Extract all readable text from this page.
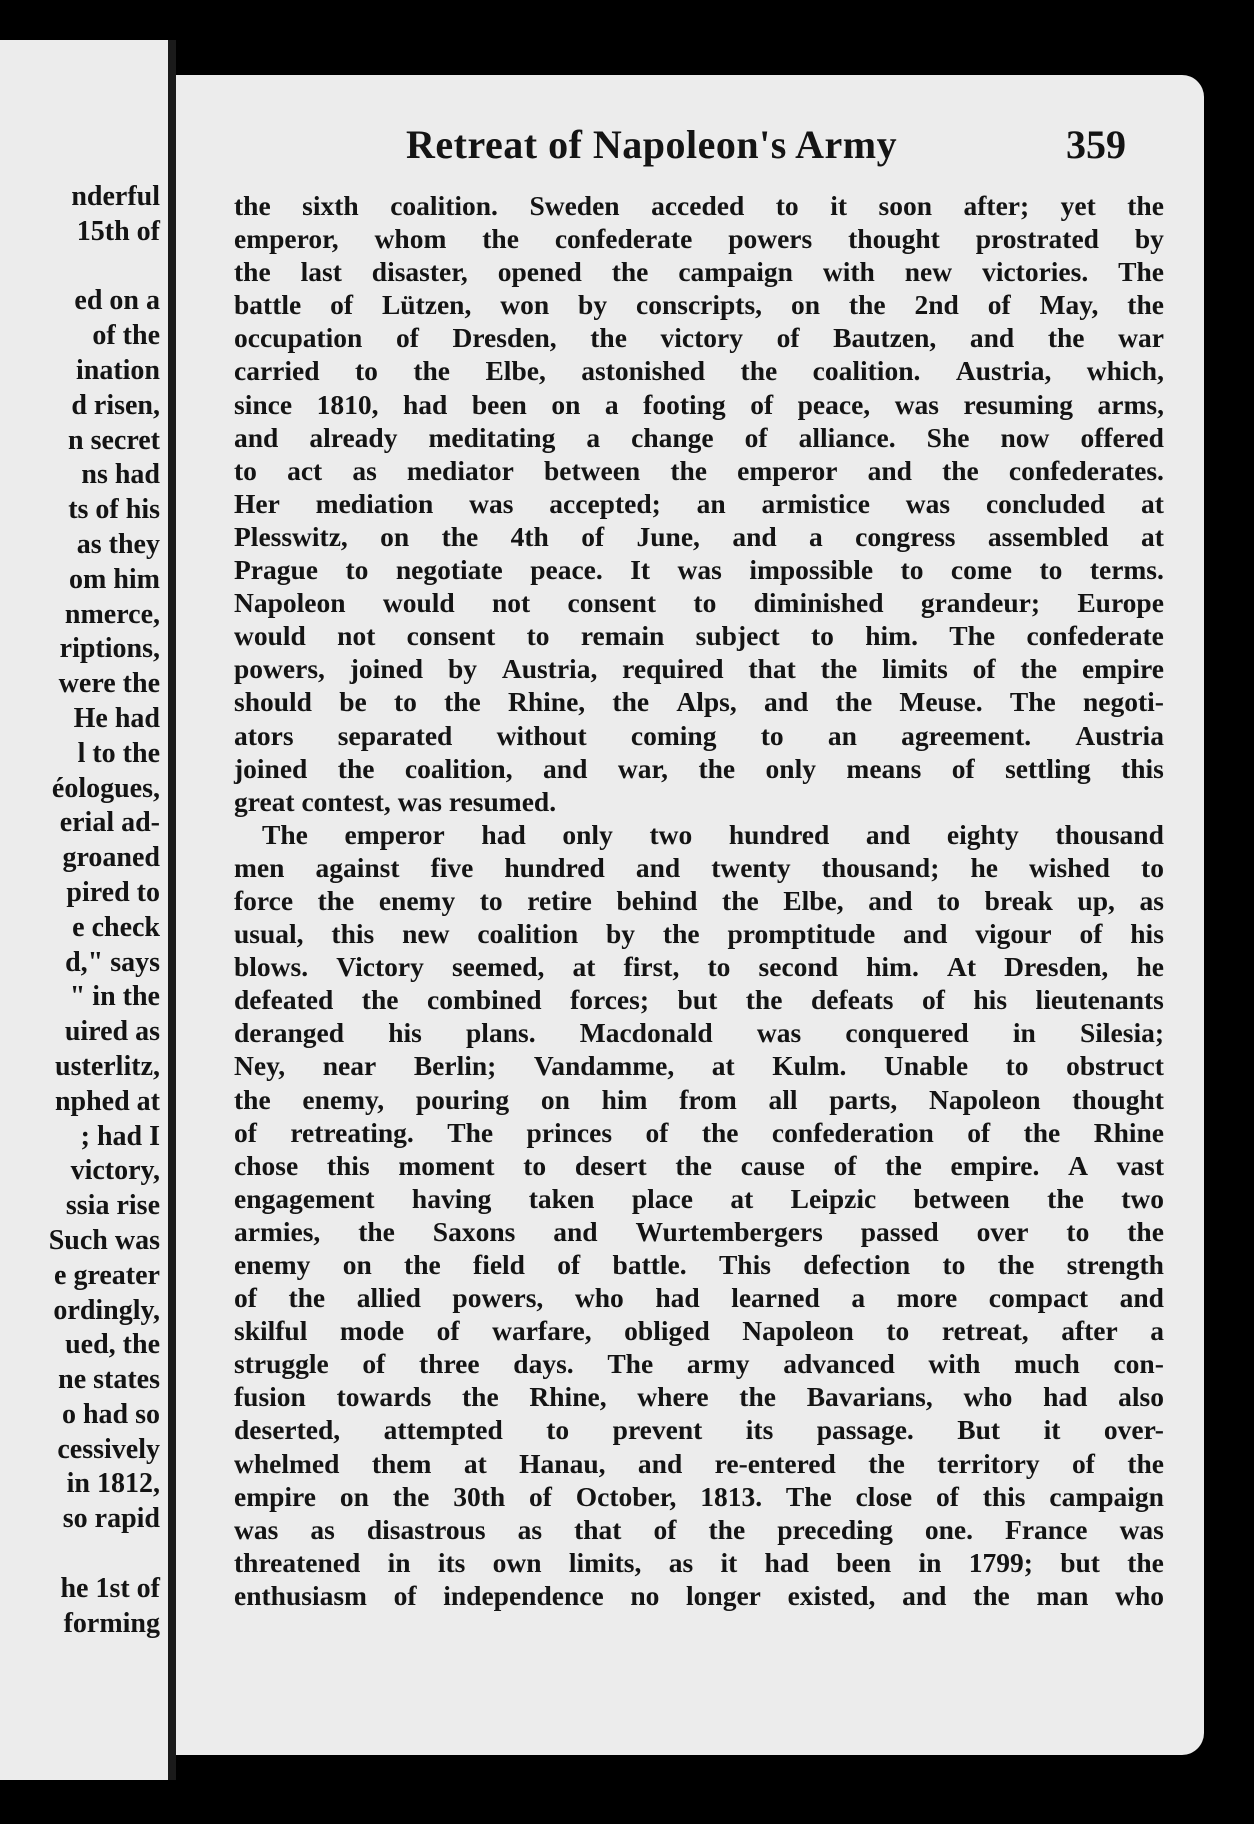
nderful
15th of
ed on a
of the
ination
d risen,
n secret
ns had
ts of his
as they
om him
nmerce,
riptions,
were the
He had
l to the
éologues,
erial ad-
groaned
pired to
e check
d," says
" in the
uired as
usterlitz,
nphed at
; had I
victory,
ssia rise
Such was
e greater
ordingly,
ued, the
ne states
o had so
cessively
in 1812,
so rapid
he 1st of
forming
Retreat of Napoleon's Army	359
the sixth coalition. Sweden acceded to it soon after; yet the
emperor, whom the confederate powers thought prostrated by
the last disaster, opened the campaign with new victories. The
battle of Lützen, won by conscripts, on the 2nd of May, the
occupation of Dresden, the victory of Bautzen, and the war
carried to the Elbe, astonished the coalition. Austria, which,
since 1810, had been on a footing of peace, was resuming arms,
and already meditating a change of alliance. She now offered
to act as mediator between the emperor and the confederates.
Her mediation was accepted; an armistice was concluded at
Plesswitz, on the 4th of June, and a congress assembled at
Prague to negotiate peace. It was impossible to come to terms.
Napoleon would not consent to diminished grandeur; Europe
would not consent to remain subject to him. The confederate
powers, joined by Austria, required that the limits of the empire
should be to the Rhine, the Alps, and the Meuse. The negoti-
ators separated without coming to an agreement. Austria
joined the coalition, and war, the only means of settling this
great contest, was resumed.
The emperor had only two hundred and eighty thousand
men against five hundred and twenty thousand; he wished to
force the enemy to retire behind the Elbe, and to break up, as
usual, this new coalition by the promptitude and vigour of his
blows. Victory seemed, at first, to second him. At Dresden, he
defeated the combined forces; but the defeats of his lieutenants
deranged his plans. Macdonald was conquered in Silesia;
Ney, near Berlin; Vandamme, at Kulm. Unable to obstruct
the enemy, pouring on him from all parts, Napoleon thought
of retreating. The princes of the confederation of the Rhine
chose this moment to desert the cause of the empire. A vast
engagement having taken place at Leipzic between the two
armies, the Saxons and Wurtembergers passed over to the
enemy on the field of battle. This defection to the strength
of the allied powers, who had learned a more compact and
skilful mode of warfare, obliged Napoleon to retreat, after a
struggle of three days. The army advanced with much con-
fusion towards the Rhine, where the Bavarians, who had also
deserted, attempted to prevent its passage. But it over-
whelmed them at Hanau, and re-entered the territory of the
empire on the 30th of October, 1813. The close of this campaign
was as disastrous as that of the preceding one. France was
threatened in its own limits, as it had been in 1799; but the
enthusiasm of independence no longer existed, and the man who
